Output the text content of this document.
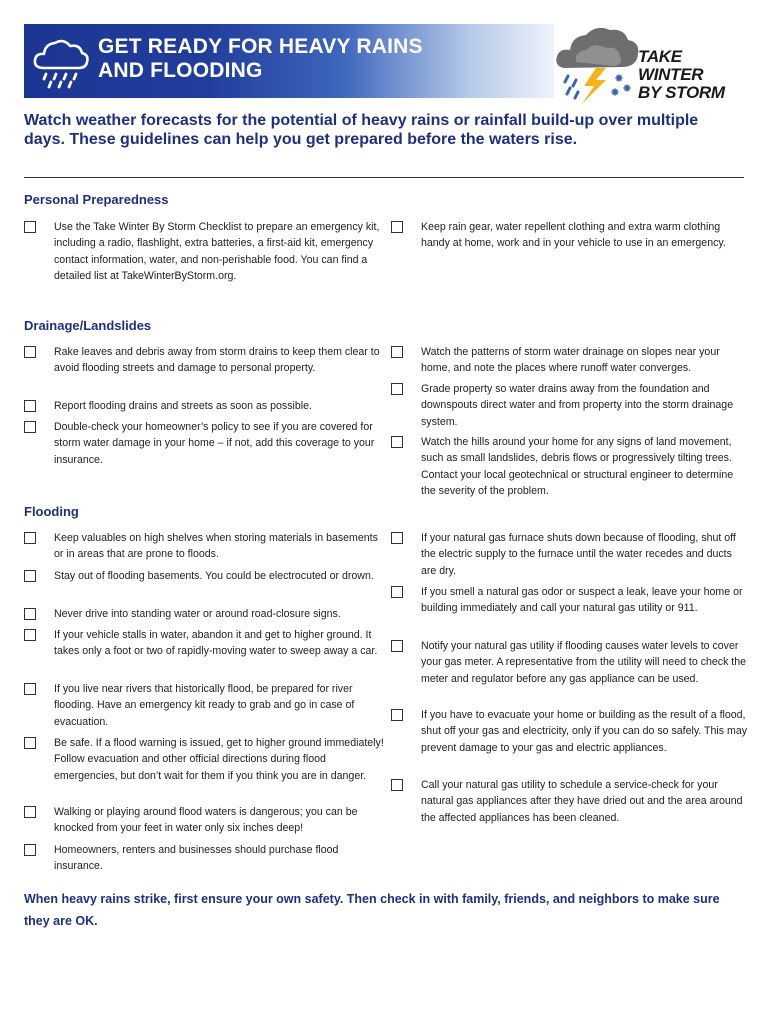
GET READY FOR HEAVY RAINS
AND FLOODING
TAKE WINTER
BY STORM
Watch weather forecasts for the potential of heavy rains or rainfall build-up over multiple days. These guidelines can help you get prepared before the waters rise.
Personal Preparedness
Use the Take Winter By Storm Checklist to prepare an emergency kit, including a radio, flashlight, extra batteries, a first-aid kit, emergency contact information, water, and non-perishable food. You can find a detailed list at TakeWinterByStorm.org.
Keep rain gear, water repellent clothing and extra warm clothing handy at home, work and in your vehicle to use in an emergency.
Drainage/Landslides
Rake leaves and debris away from storm drains to keep them clear to avoid flooding streets and damage to personal property.
Report flooding drains and streets as soon as possible.
Double-check your homeowner’s policy to see if you are covered for storm water damage in your home – if not, add this coverage to your insurance.
Watch the patterns of storm water drainage on slopes near your home, and note the places where runoff water converges.
Grade property so water drains away from the foundation and downspouts direct water and from property into the storm drainage system.
Watch the hills around your home for any signs of land movement, such as small landslides, debris flows or progressively tilting trees. Contact your local geotechnical or structural engineer to determine the severity of the problem.
Flooding
Keep valuables on high shelves when storing materials in basements or in areas that are prone to floods.
Stay out of flooding basements. You could be electrocuted or drown.
Never drive into standing water or around road-closure signs.
If your vehicle stalls in water, abandon it and get to higher ground. It takes only a foot or two of rapidly-moving water to sweep away a car.
If you live near rivers that historically flood, be prepared for river flooding. Have an emergency kit ready to grab and go in case of evacuation.
Be safe. If a flood warning is issued, get to higher ground immediately! Follow evacuation and other official directions during flood emergencies, but don’t wait for them if you think you are in danger.
Walking or playing around flood waters is dangerous; you can be knocked from your feet in water only six inches deep!
Homeowners, renters and businesses should purchase flood insurance.
If your natural gas furnace shuts down because of flooding, shut off the electric supply to the furnace until the water recedes and ducts are dry.
If you smell a natural gas odor or suspect a leak, leave your home or building immediately and call your natural gas utility or 911.
Notify your natural gas utility if flooding causes water levels to cover your gas meter. A representative from the utility will need to check the meter and regulator before any gas appliance can be used.
If you have to evacuate your home or building as the result of a flood, shut off your gas and electricity, only if you can do so safely. This may prevent damage to your gas and electric appliances.
Call your natural gas utility to schedule a service-check for your natural gas appliances after they have dried out and the area around the affected appliances has been cleaned.
When heavy rains strike, first ensure your own safety. Then check in with family, friends, and neighbors to make sure they are OK.
